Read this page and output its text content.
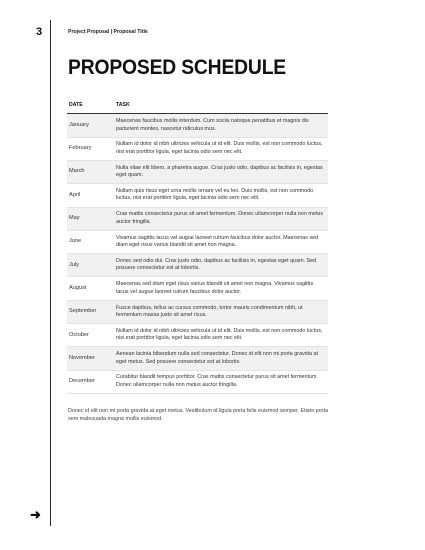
3	Project Proposal | Proposal Title
PROPOSED SCHEDULE
DATE	TASK
January	Maecenas faucibus mollis interdum. Cum sociis natoque penatibus et magnis dis parturient montes, nascetur ridiculus mus.
February	Nullam id dolor id nibh ultricies vehicula ut id elit. Duis mollis, est non commodo luctus, nisi erat porttitor ligula, eget lacinia odio sem nec elit.
March	Nulla vitae elit libero, a pharetra augue. Cras justo odio, dapibus ac facilisis in, egestas eget quam.
April	Nullam quis risus eget urna mollis ornare vel eu leo. Duis mollis, est non commodo luctus, nisi erat porttitor ligula, eget lacinia odio sem nec elit.
May	Cras mattis consectetur purus sit amet fermentum. Donec ullamcorper nulla non metus auctor fringilla.
June	Vivamus sagittis lacus vel augue laoreet rutrum faucibus dolor auctor. Maecenas sed diam eget risus varius blandit sit amet non magna.
July	Donec sed odio dui. Cras justo odio, dapibus ac facilisis in, egestas eget quam. Sed posuere consectetur est at lobortis.
August	Maecenas sed diam eget risus varius blandit sit amet non magna. Vivamus sagittis lacus vel augue laoreet rutrum faucibus dolor auctor.
September	Fusce dapibus, tellus ac cursus commodo, tortor mauris condimentum nibh, ut fermentum massa justo sit amet risus.
October	Nullam id dolor id nibh ultricies vehicula ut id elit. Duis mollis, est non commodo luctus, nisi erat porttitor ligula, eget lacinia odio sem nec elit.
November	Aenean lacinia bibendum nulla sed consectetur. Donec id elit non mi porta gravida at eget metus. Sed posuere consectetur est at lobortis.
December	Curabitur blandit tempus porttitor. Cras mattis consectetur purus sit amet fermentum Donec ullamcorper nulla non metus auctor fringilla.
Donec id elit non mi porta gravida at eget metus. Vestibulum id ligula porta felis euismod semper. Etiam porta sem malesuada magna mollis euismod.
➜
